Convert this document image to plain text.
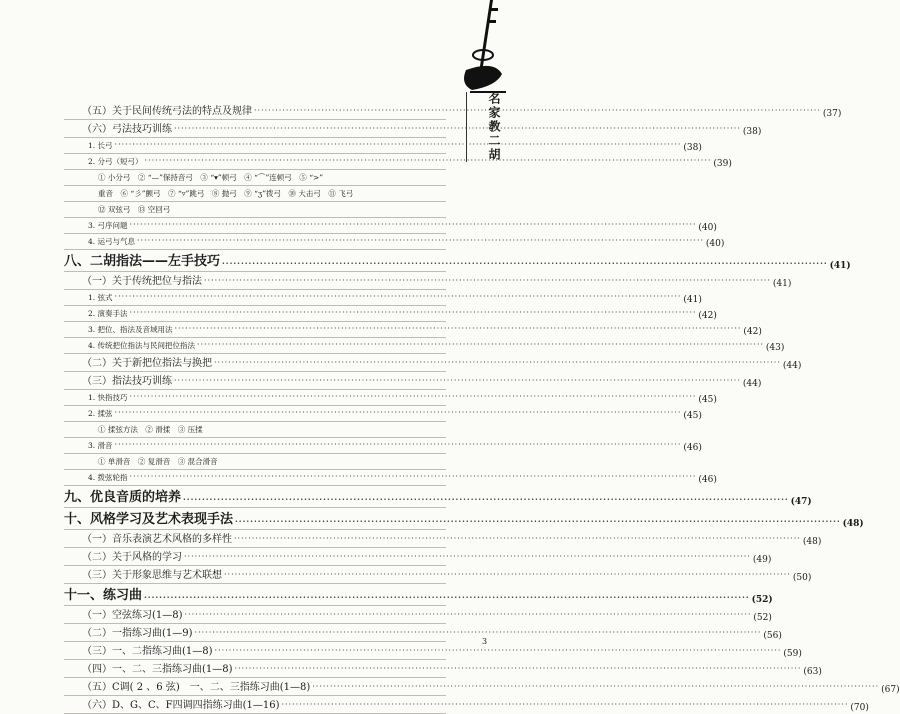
名家教二胡
（五）关于民间传统弓法的特点及规律 ································································································································································ (37)
（六）弓法技巧训练 ································································································································································ (38)
1. 长弓 ································································································································································ (38)
2. 分弓（短弓） ································································································································································ (39)
① 小分弓　② “—”保持音弓　③ “▾”顿弓　④ “⌒”连顿弓　⑤ “>”
重音　⑥ “彡”颤弓　⑦ “▿”跳弓　⑧ 抛弓　⑨ “ʒ”拨弓　⑩ 大击弓　⑪ 飞弓
⑫ 双弦弓　⑬ 空回弓
3. 弓序问题 ································································································································································ (40)
4. 运弓与气息 ································································································································································ (40)
八、二胡指法——左手技巧 ································································································································································ (41)
（一）关于传统把位与指法 ································································································································································ (41)
1. 弦式 ································································································································································ (41)
2. 演奏手法 ································································································································································ (42)
3. 把位、指法及音域用法 ································································································································································ (42)
4. 传统把位指法与民间把位指法 ································································································································································ (43)
（二）关于新把位指法与换把 ································································································································································ (44)
（三）指法技巧训练 ································································································································································ (44)
1. 快指技巧 ································································································································································ (45)
2. 揉弦 ································································································································································ (45)
① 揉弦方法　② 滑揉　③ 压揉
3. 滑音 ································································································································································ (46)
① 单滑音　② 复滑音　③ 混合滑音
4. 拨弦轮指 ································································································································································ (46)
九、优良音质的培养 ································································································································································ (47)
十、风格学习及艺术表现手法 ································································································································································ (48)
（一）音乐表演艺术风格的多样性 ································································································································································ (48)
（二）关于风格的学习 ································································································································································ (49)
（三）关于形象思维与艺术联想 ································································································································································ (50)
十一、练习曲 ································································································································································ (52)
（一）空弦练习(1—8) ································································································································································ (52)
（二）一指练习曲(1—9) ································································································································································ (56)
（三）一、二指练习曲(1—8) ································································································································································ (59)
（四）一、二、三指练习曲(1—8) ································································································································································ (63)
（五）C调( 2 、6 弦)　一、二、三指练习曲(1—8) ································································································································································ (67)
（六）D、G、C、F四调四指练习曲(1—16) ································································································································································ (70)
3
